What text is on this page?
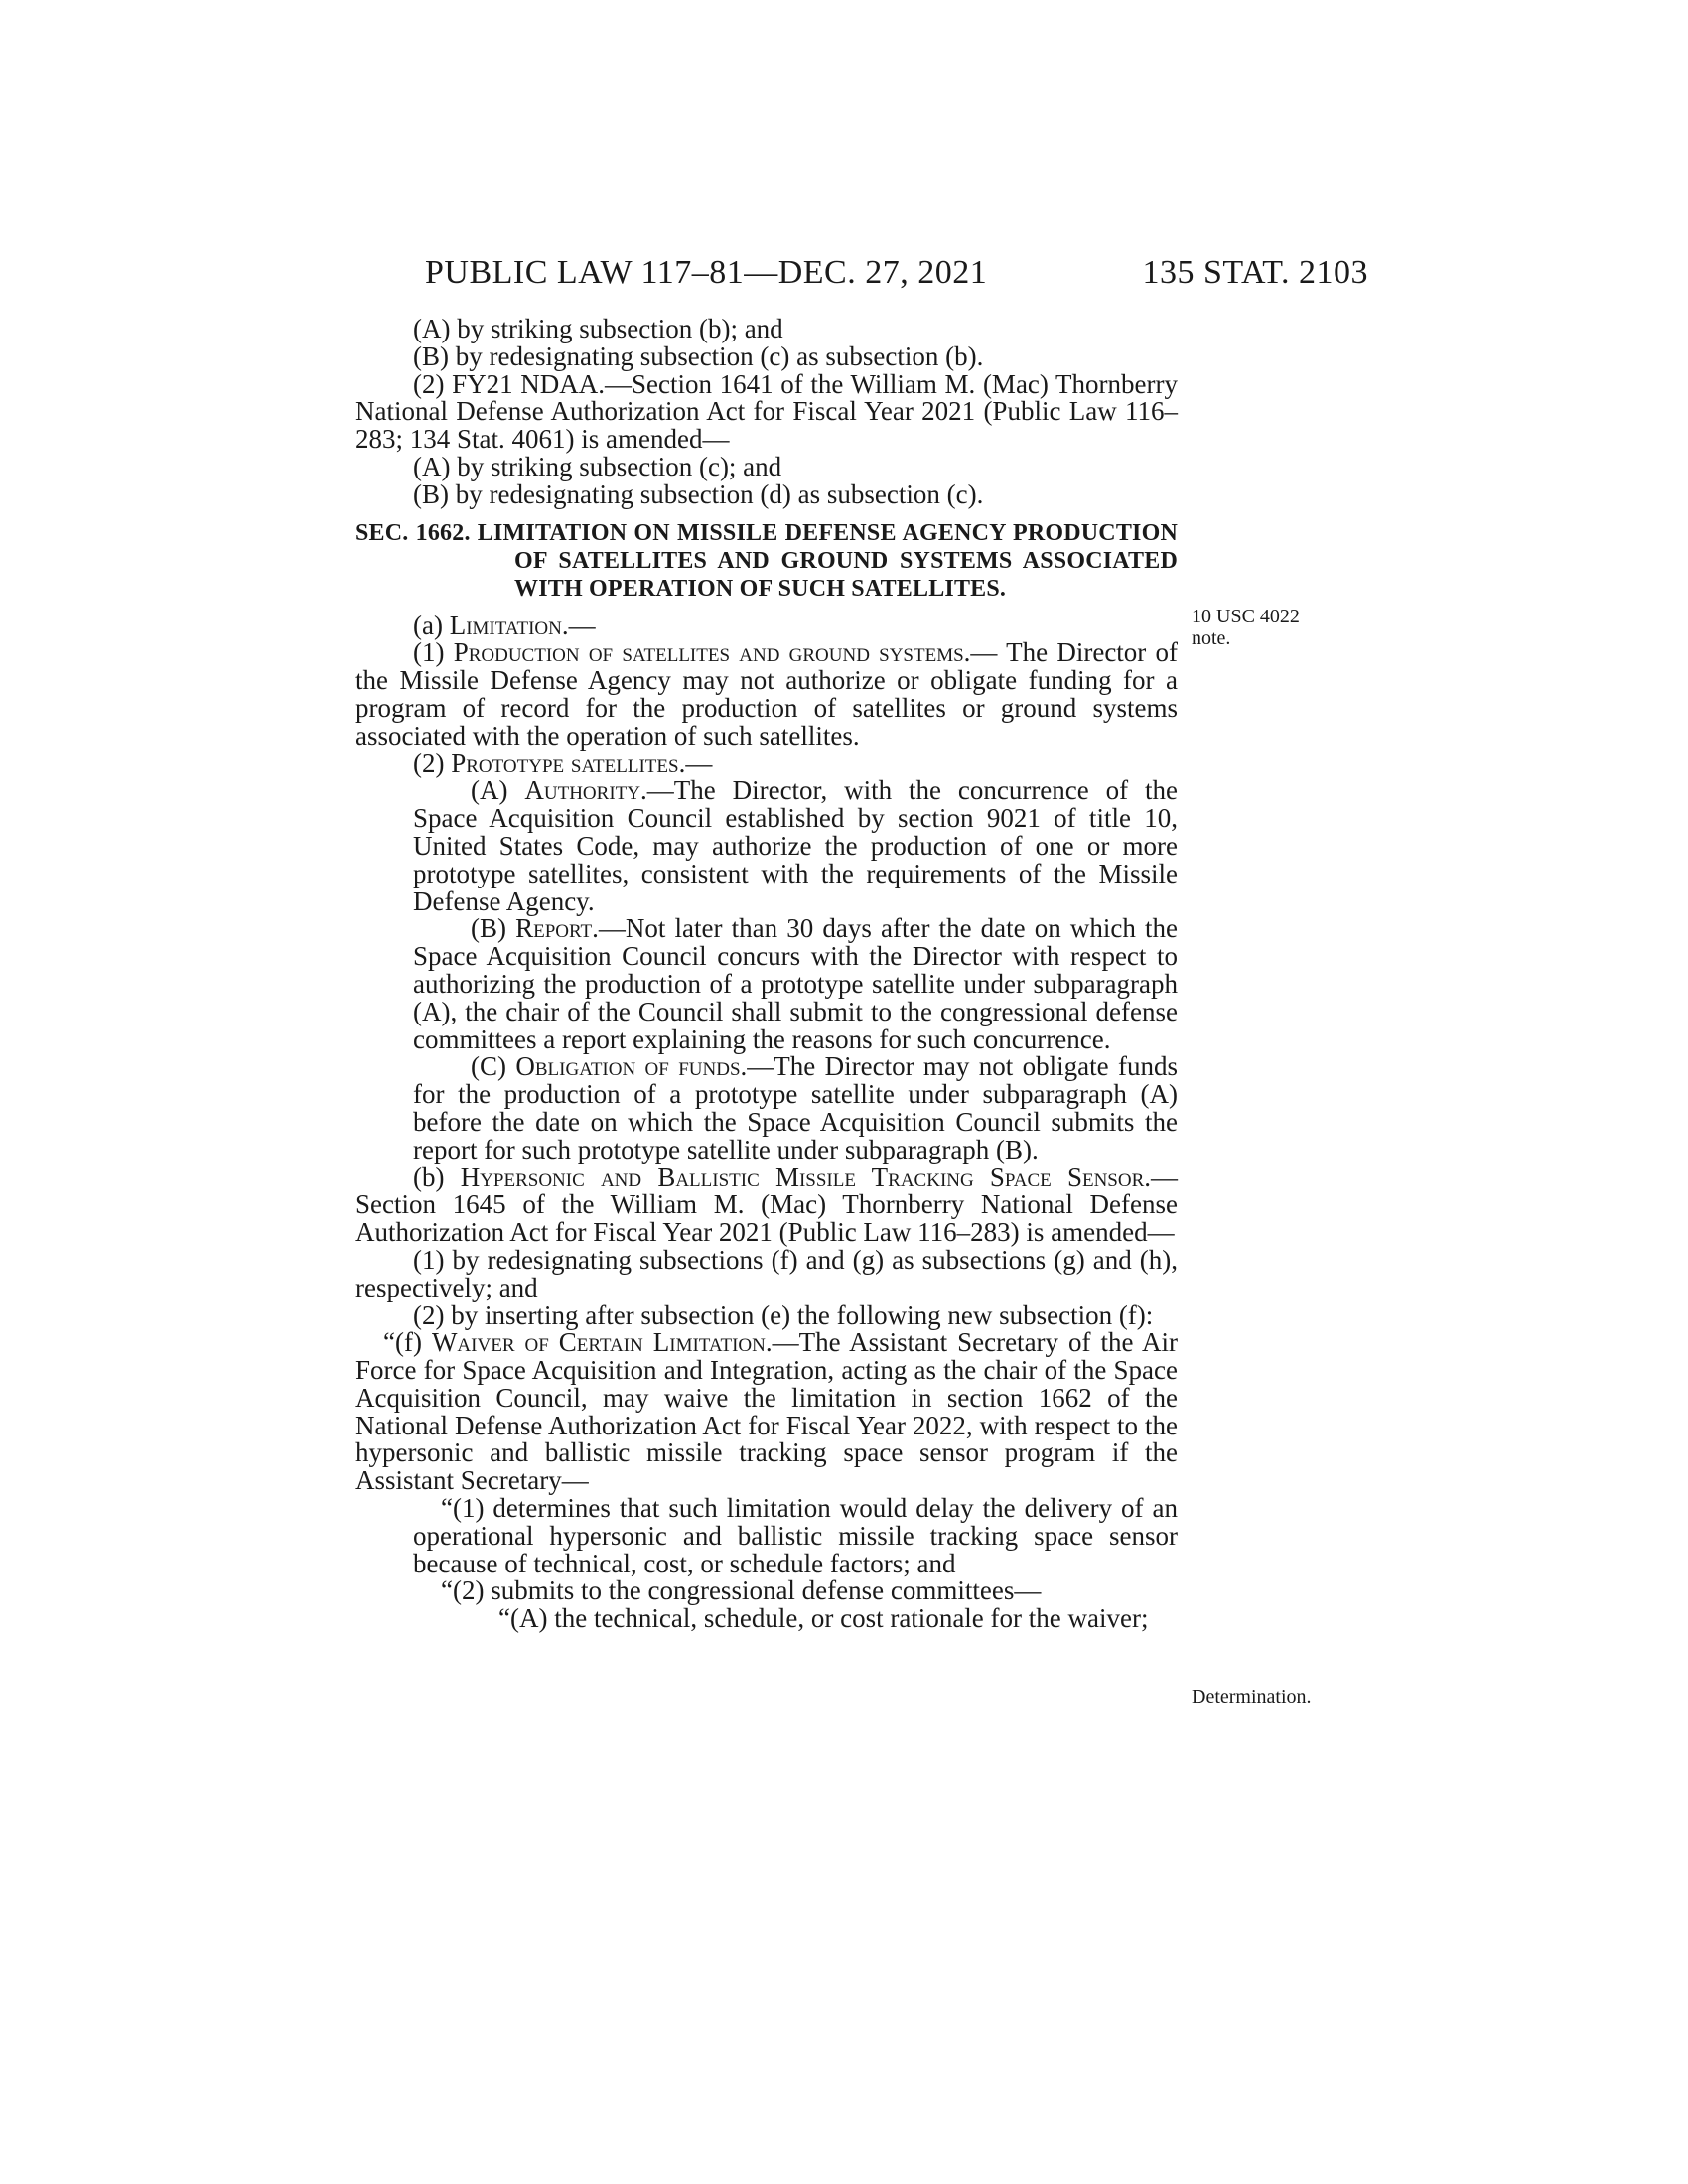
PUBLIC LAW 117–81—DEC. 27, 2021	135 STAT. 2103
10 USC 4022
note.
Determination.

(A) by striking subsection (b); and

(B) by redesignating subsection (c) as subsection (b).

(2) FY21 NDAA.—Section 1641 of the William M. (Mac) Thornberry National Defense Authorization Act for Fiscal Year 2021 (Public Law 116–283; 134 Stat. 4061) is amended—

(A) by striking subsection (c); and

(B) by redesignating subsection (d) as subsection (c).

SEC. 1662. LIMITATION ON MISSILE DEFENSE AGENCY PRODUCTION OF SATELLITES AND GROUND SYSTEMS ASSOCIATED WITH OPERATION OF SUCH SATELLITES.

(a) Limitation.—

(1) Production of satellites and ground systems.— The Director of the Missile Defense Agency may not authorize or obligate funding for a program of record for the production of satellites or ground systems associated with the operation of such satellites.

(2) Prototype satellites.—

(A) Authority.—The Director, with the concurrence of the Space Acquisition Council established by section 9021 of title 10, United States Code, may authorize the production of one or more prototype satellites, consistent with the requirements of the Missile Defense Agency.

(B) Report.—Not later than 30 days after the date on which the Space Acquisition Council concurs with the Director with respect to authorizing the production of a prototype satellite under subparagraph (A), the chair of the Council shall submit to the congressional defense committees a report explaining the reasons for such concurrence.

(C) Obligation of funds.—The Director may not obligate funds for the production of a prototype satellite under subparagraph (A) before the date on which the Space Acquisition Council submits the report for such prototype satellite under subparagraph (B).

(b) Hypersonic and Ballistic Missile Tracking Space Sensor.—Section 1645 of the William M. (Mac) Thornberry National Defense Authorization Act for Fiscal Year 2021 (Public Law 116–283) is amended—

(1) by redesignating subsections (f) and (g) as subsections (g) and (h), respectively; and

(2) by inserting after subsection (e) the following new subsection (f):

“(f) Waiver of Certain Limitation.—The Assistant Secretary of the Air Force for Space Acquisition and Integration, acting as the chair of the Space Acquisition Council, may waive the limitation in section 1662 of the National Defense Authorization Act for Fiscal Year 2022, with respect to the hypersonic and ballistic missile tracking space sensor program if the Assistant Secretary—

“(1) determines that such limitation would delay the delivery of an operational hypersonic and ballistic missile tracking space sensor because of technical, cost, or schedule factors; and

“(2) submits to the congressional defense committees—

“(A) the technical, schedule, or cost rationale for the waiver;
